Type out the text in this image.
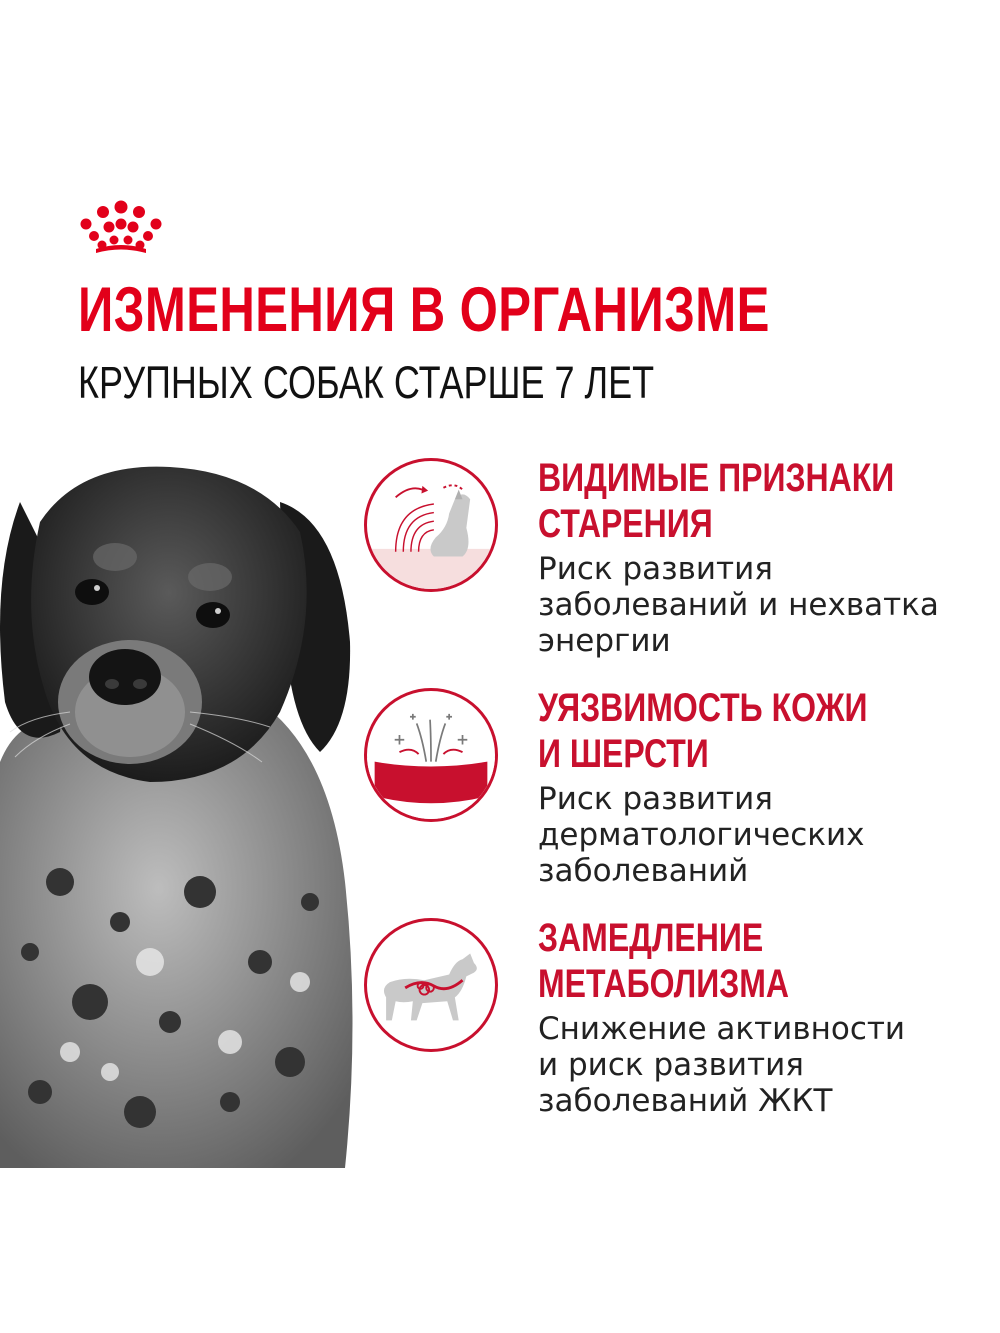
ИЗМЕНЕНИЯ В ОРГАНИЗМЕ
КРУПНЫХ СОБАК СТАРШЕ 7 ЛЕТ
ВИДИМЫЕ ПРИЗНАКИ
СТАРЕНИЯ
Риск развития
заболеваний и нехватка
энергии
УЯЗВИМОСТЬ КОЖИ
И ШЕРСТИ
Риск развития
дерматологических
заболеваний
ЗАМЕДЛЕНИЕ
МЕТАБОЛИЗМА
Снижение активности
и риск развития
заболеваний ЖКТ
